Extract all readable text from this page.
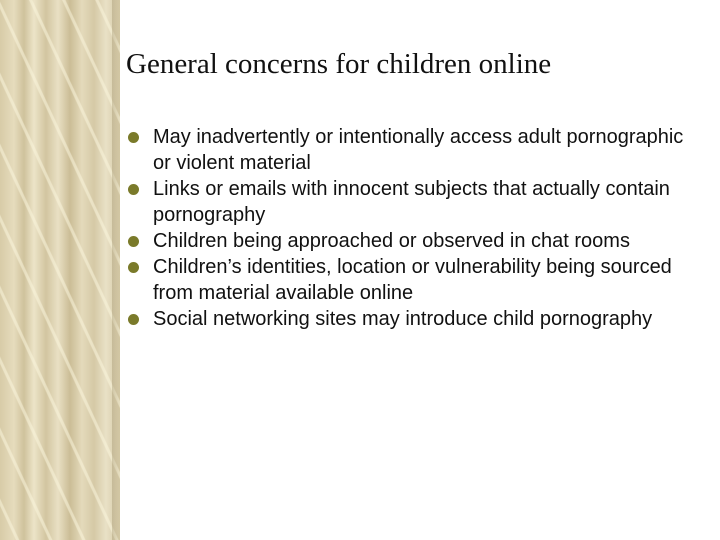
General concerns for children online
May inadvertently or intentionally access adult pornographic or violent material
Links or emails with innocent subjects that actually contain pornography
Children being approached or observed in chat rooms
Children’s identities, location or vulnerability being sourced from material available online
Social networking sites may introduce child pornography
